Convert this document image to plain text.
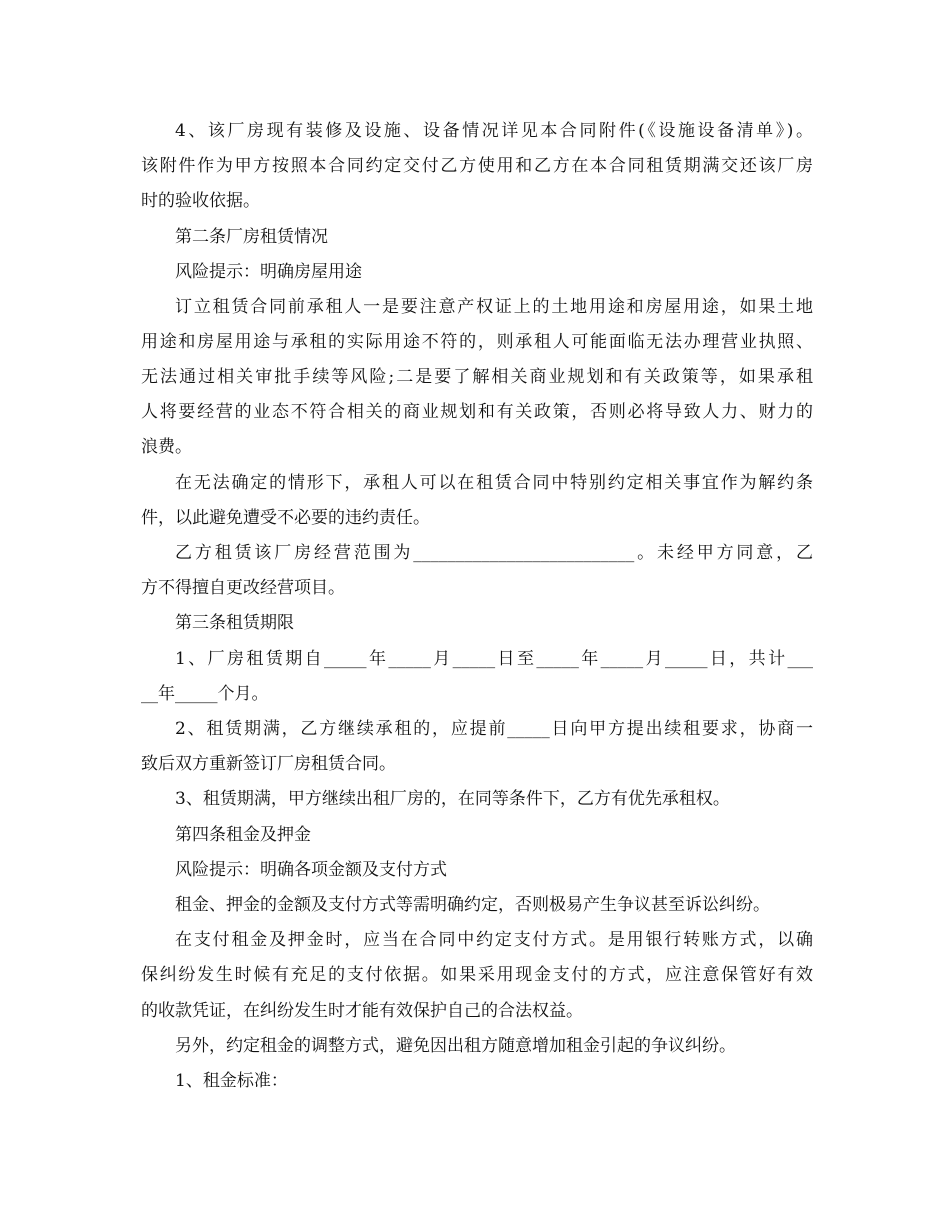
4、该厂房现有装修及设施、设备情况详见本合同附件(《设施设备清单》)。
该附件作为甲方按照本合同约定交付乙方使用和乙方在本合同租赁期满交还该厂房
时的验收依据。
第二条厂房租赁情况
风险提示：明确房屋用途
订立租赁合同前承租人一是要注意产权证上的土地用途和房屋用途，如果土地
用途和房屋用途与承租的实际用途不符的，则承租人可能面临无法办理营业执照、
无法通过相关审批手续等风险;二是要了解相关商业规划和有关政策等，如果承租
人将要经营的业态不符合相关的商业规划和有关政策，否则必将导致人力、财力的
浪费。
在无法确定的情形下，承租人可以在租赁合同中特别约定相关事宜作为解约条
件，以此避免遭受不必要的违约责任。
乙方租赁该厂房经营范围为__________________________。未经甲方同意，乙
方不得擅自更改经营项目。
第三条租赁期限
1、厂房租赁期自_____年_____月_____日至_____年_____月_____日，共计___
__年_____个月。
2、租赁期满，乙方继续承租的，应提前_____日向甲方提出续租要求，协商一
致后双方重新签订厂房租赁合同。
3、租赁期满，甲方继续出租厂房的，在同等条件下，乙方有优先承租权。
第四条租金及押金
风险提示：明确各项金额及支付方式
租金、押金的金额及支付方式等需明确约定，否则极易产生争议甚至诉讼纠纷。
在支付租金及押金时，应当在合同中约定支付方式。是用银行转账方式，以确
保纠纷发生时候有充足的支付依据。如果采用现金支付的方式，应注意保管好有效
的收款凭证，在纠纷发生时才能有效保护自己的合法权益。
另外，约定租金的调整方式，避免因出租方随意增加租金引起的争议纠纷。
1、租金标准：
